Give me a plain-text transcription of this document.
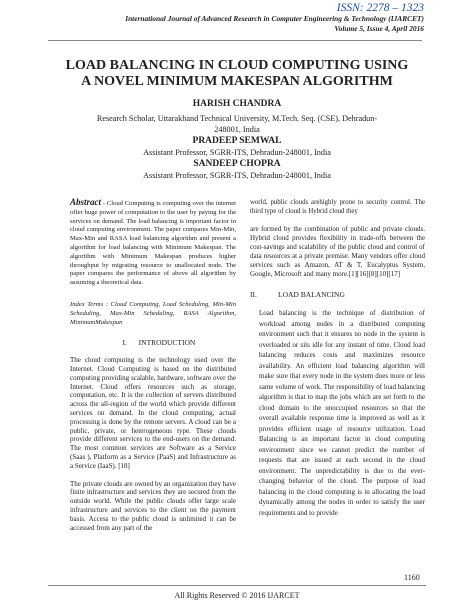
ISSN: 2278 – 1323
International Journal of Advanced Research in Computer Engineering & Technology (IJARCET)
Volume 5, Issue 4, April 2016
LOAD BALANCING IN CLOUD COMPUTING USING
A NOVEL MINIMUM MAKESPAN ALGORITHM
HARISH CHANDRA
Research Scholar, Uttarakhand Technical University, M.Tech. Seq. (CSE), Dehradun-248001, India
PRADEEP SEMWAL
Assistant Professor, SGRR-ITS, Dehradun-248001, India
SANDEEP CHOPRA
Assistant Professor, SGRR-ITS, Dehradun-248001, India

Abstract - Cloud Computing is computing over the internet offer huge power of computation to the user by paying for the services on demand. The load balancing is important factor in cloud computing environment. The paper compares Min-Min, Max-Min and RASA load balancing algorithm and present a algorithm for load balancing with Minimum Makespan. The algorithm with Minimum Makespan produces higher throughput by migrating resource to unallocated node. The paper compares the performance of above all algorithm by assuming a theoretical data.

Index Terms : Cloud Computing, Load Scheduling, Min-Min Scheduling, Max-Min Scheduling, RASA Algorithm, MinimumMakespan

I. INTRODUCTION

The cloud computing is the technology used over the Internet. Cloud Computing is based on the distributed computing providing scalable, hardware, software over the Internet. Cloud offers resources such as storage, computation, etc. It is the collection of servers distributed across the all-region of the world which provide different services on demand. In the cloud computing, actual processing is done by the remote servers. A cloud can be a public, private, or heterogeneous type. These clouds provide different services to the end-users on the demand. The most common services are Software as a Service (Saas ), Platform as a Service (PaaS) and Infrastructure as a Service (IaaS). [18]

The private clouds are owned by an organization they have finite infrastructure and services they are secured from the outside world. While the public clouds offer large scale infrastructure and services to the client on the payment basis. Access to the public cloud is unlimited it can be accessed from any part of the

world, public clouds arehighly prone to security control. The third type of cloud is Hybrid cloud they

are formed by the combination of public and private clouds. Hybrid cloud provides flexibility in trade-offs between the cost-savings and scalability of the public cloud and control of data resources at a private premise. Many vendors offer cloud services such as Amazon, AT & T, Eucalyptus System, Google, Microsoft and many more.[1][16][8][10][17]

II.	LOAD BALANCING

Load balancing is the technique of distribution of workload among nodes in a distributed computing environment such that it ensures no node in the system is overloaded or sits idle for any instant of time. Cloud load balancing reduces costs and maximizes resource availability. An efficient load balancing algorithm will make sure that every node in the system does more or less same volume of work. The responsibility of load balancing algorithm is that to map the jobs which are set forth to the cloud domain to the unoccupied resources so that the overall available response time is improved as well as it provides efficient usage of resource utilization. Load Balancing is an important factor in cloud computing environment since we cannot predict the number of requests that are issued at each second in the cloud environment. The unpredictability is due to the ever-changing behavior of the cloud. The purpose of load balancing in the cloud computing is in allocating the load dynamically among the nodes in order to satisfy the user requirements and to provide

1160
All Rights Reserved © 2016 IJARCET
